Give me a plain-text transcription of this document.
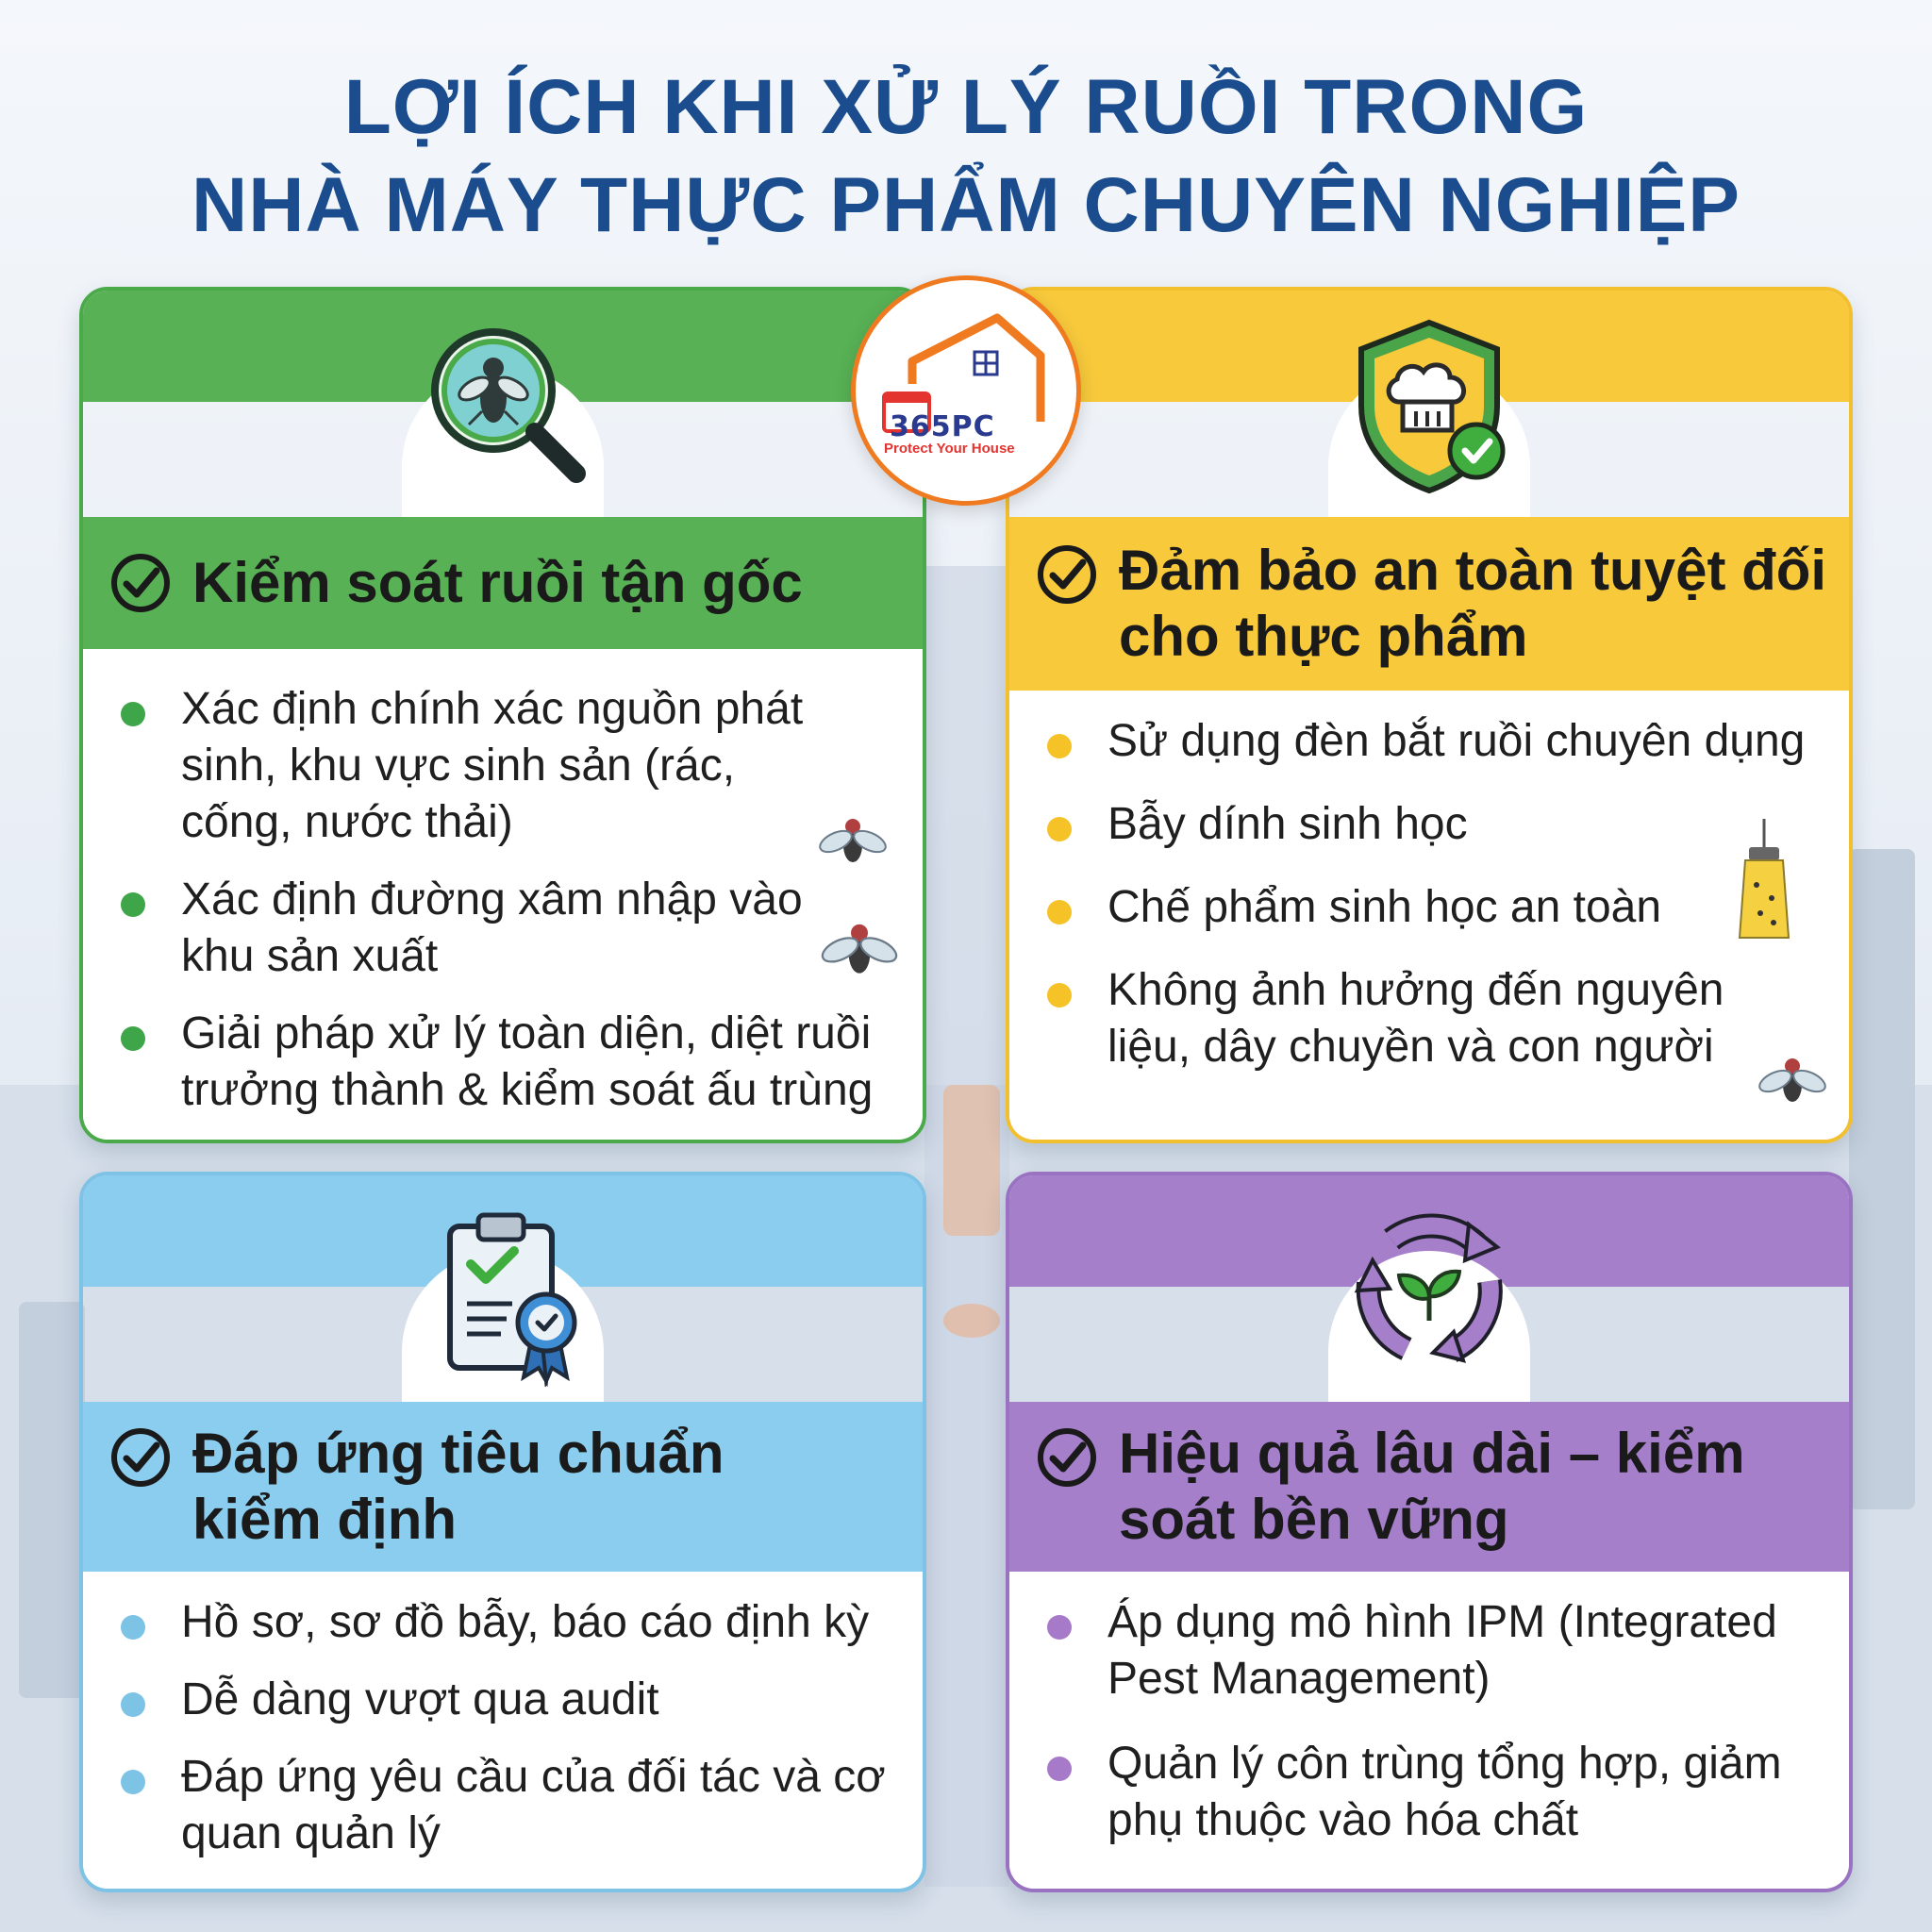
LỢI ÍCH KHI XỬ LÝ RUỒI TRONG
NHÀ MÁY THỰC PHẨM CHUYÊN NGHIỆP
Kiểm soát ruồi tận gốc
Xác định chính xác nguồn phát sinh, khu vực sinh sản (rác, cống, nước thải)
Xác định đường xâm nhập vào khu sản xuất
Giải pháp xử lý toàn diện, diệt ruồi trưởng thành & kiểm soát ấu trùng
Đảm bảo an toàn tuyệt đối
cho thực phẩm
Sử dụng đèn bắt ruồi chuyên dụng
Bẫy dính sinh học
Chế phẩm sinh học an toàn
Không ảnh hưởng đến nguyên liệu, dây chuyền và con người
Đáp ứng tiêu chuẩn
kiểm định
Hồ sơ, sơ đồ bẫy, báo cáo định kỳ
Dễ dàng vượt qua audit
Đáp ứng yêu cầu của đối tác và cơ quan quản lý
Hiệu quả lâu dài – kiểm
soát bền vững
Áp dụng mô hình IPM (Integrated Pest Management)
Quản lý côn trùng tổng hợp, giảm phụ thuộc vào hóa chất
365PC
Protect Your House
